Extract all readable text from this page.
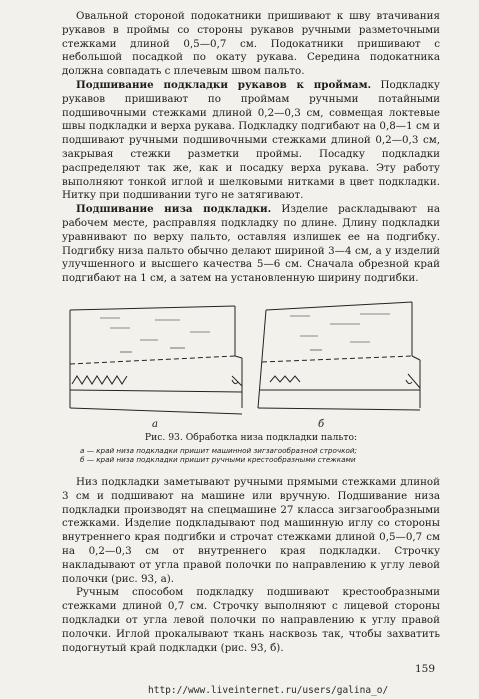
Овальной стороной подокатники пришивают к шву втачивания рукавов в проймы со стороны рукавов ручными разметочными стежками длиной 0,5—0,7 см. Подокатники пришивают с небольшой посадкой по окату рукава. Середина подокатника должна совпадать с плечевым швом пальто.

Подшивание подкладки рукавов к проймам. Подкладку рукавов пришивают по проймам ручными потайными подшивочными стежками длиной 0,2—0,3 см, совмещая локтевые швы подкладки и верха рукава. Подкладку подгибают на 0,8—1 см и подшивают ручными подшивочными стежками длиной 0,2—0,3 см, закрывая стежки разметки проймы. Посадку подкладки распределяют так же, как и посадку верха рукава. Эту работу выполняют тонкой иглой и шелковыми нитками в цвет подкладки. Нитку при подшивании туго не затягивают.

Подшивание низа подкладки. Изделие раскладывают на рабочем месте, расправляя подкладку по длине. Длину подкладки уравнивают по верху пальто, оставляя излишек ее на подгибку. Подгибку низа пальто обычно делают шириной 3—4 см, а у изделий улучшенного и высшего качества 5—6 см. Сначала обрезной край подгибают на 1 см, а затем на установленную ширину подгибки.

а	б
Рис. 93. Обработка низа подкладки пальто:
а — край низа подкладки пришит машинной зигзагообразной строчкой;
б — край низа подкладки пришит ручными крестообразными стежками

Низ подкладки заметывают ручными прямыми стежками длиной 3 см и подшивают на машине или вручную. Подшивание низа подкладки производят на спецмашине 27 класса зигзагообразными стежками. Изделие подкладывают под машинную иглу со стороны внутреннего края подгибки и строчат стежками длиной 0,5—0,7 см на 0,2—0,3 см от внутреннего края подкладки. Строчку накладывают от угла правой полочки по направлению к углу левой полочки (рис. 93, а).

Ручным способом подкладку подшивают крестообразными стежками длиной 0,7 см. Строчку выполняют с лицевой стороны подкладки от угла левой полочки по направлению к углу правой полочки. Иглой прокалывают ткань насквозь так, чтобы захватить подогнутый край подкладки (рис. 93, б).

159
http://www.liveinternet.ru/users/galina_o/
